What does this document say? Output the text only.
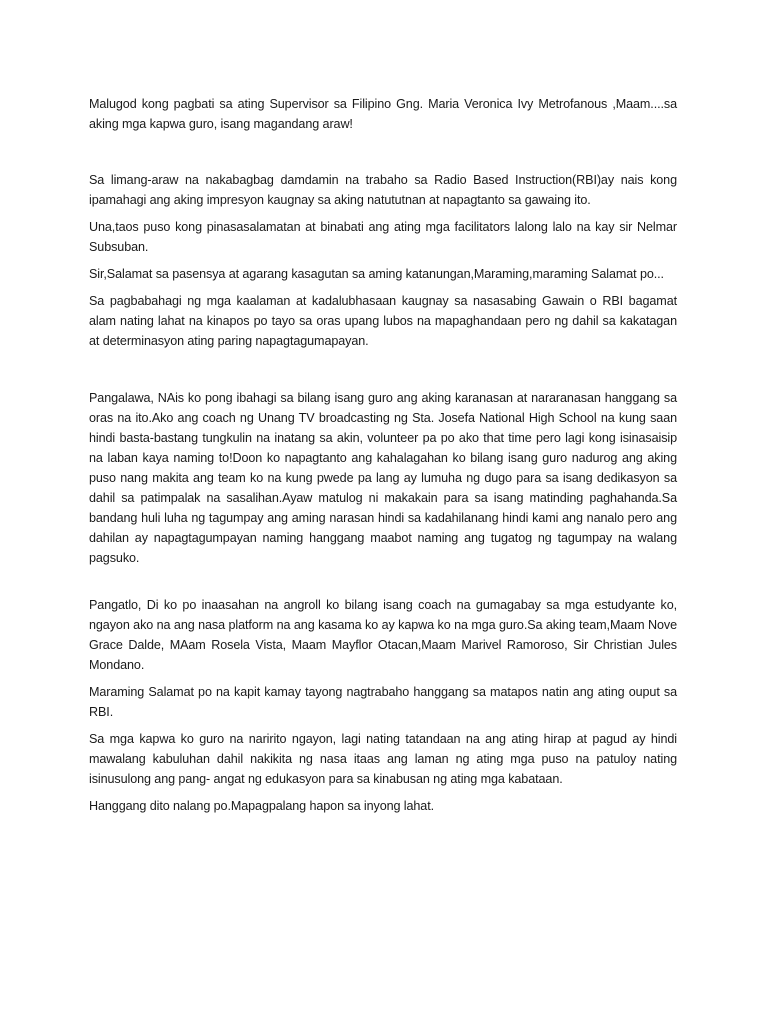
Malugod kong pagbati sa ating Supervisor sa Filipino Gng. Maria Veronica Ivy Metrofanous ,Maam....sa aking mga kapwa guro, isang magandang araw!

Sa limang-araw na nakabagbag damdamin na trabaho sa Radio Based Instruction(RBI)ay nais kong ipamahagi ang aking impresyon kaugnay sa aking natututnan at napagtanto sa gawaing ito.

Una,taos puso kong pinasasalamatan at binabati ang ating mga facilitators lalong lalo na kay sir Nelmar Subsuban.

Sir,Salamat sa pasensya at agarang kasagutan sa aming katanungan,Maraming,maraming Salamat po...

Sa pagbabahagi ng mga kaalaman at kadalubhasaan kaugnay sa nasasabing Gawain o RBI bagamat alam nating lahat na kinapos po tayo sa oras upang lubos na mapaghandaan pero ng dahil sa kakatagan at determinasyon ating paring napagtagumapayan.

Pangalawa, NAis ko pong ibahagi sa bilang isang guro ang aking karanasan at nararanasan hanggang sa oras na ito.Ako ang coach ng Unang TV broadcasting ng Sta. Josefa National High School na kung saan hindi basta-bastang tungkulin na inatang sa akin, volunteer pa po ako that time pero lagi kong isinasaisip na laban kaya naming to!Doon ko napagtanto ang kahalagahan ko bilang isang guro nadurog ang aking puso nang makita ang team ko na kung pwede pa lang ay lumuha ng dugo para sa isang dedikasyon sa dahil sa patimpalak na sasalihan.Ayaw matulog ni makakain para sa isang matinding paghahanda.Sa bandang huli luha ng tagumpay ang aming narasan hindi sa kadahilanang hindi kami ang nanalo pero ang dahilan ay napagtagumpayan naming hanggang maabot naming ang tugatog ng tagumpay na walang pagsuko.

Pangatlo, Di ko po inaasahan na angroll ko bilang isang coach na gumagabay sa mga estudyante ko, ngayon ako na ang nasa platform na ang kasama ko ay kapwa ko na mga guro.Sa aking team,Maam Nove Grace Dalde, MAam Rosela Vista, Maam Mayflor Otacan,Maam Marivel Ramoroso, Sir Christian Jules Mondano.

Maraming Salamat po na kapit kamay tayong nagtrabaho hanggang sa matapos natin ang ating ouput sa RBI.

Sa mga kapwa ko guro na naririto ngayon, lagi nating tatandaan na ang ating hirap at pagud ay hindi mawalang kabuluhan dahil nakikita ng nasa itaas ang laman ng ating mga puso na patuloy nating isinusulong ang pang- angat ng edukasyon para sa kinabusan ng ating mga kabataan.

Hanggang dito nalang po.Mapagpalang hapon sa inyong lahat.
